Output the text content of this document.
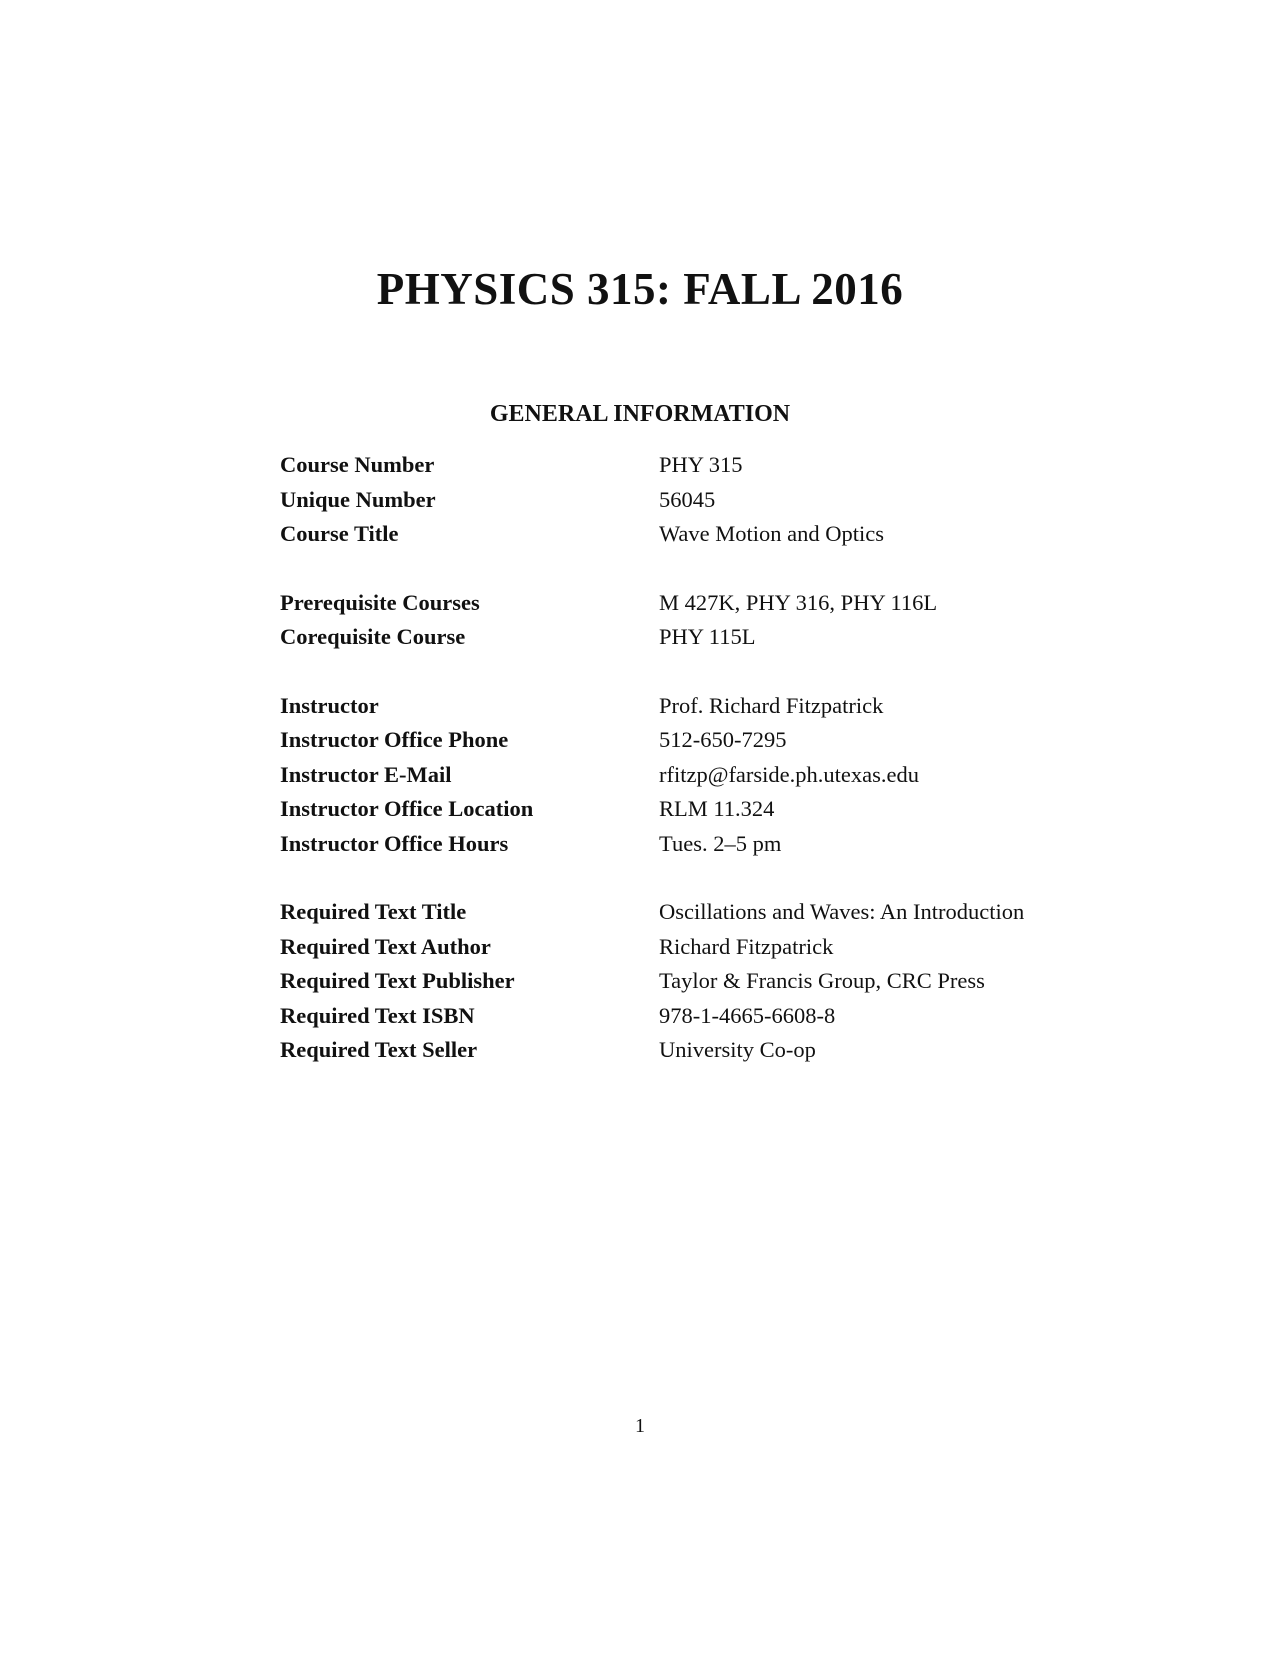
PHYSICS 315: FALL 2016
GENERAL INFORMATION
Course Number	PHY 315
Unique Number	56045
Course Title	Wave Motion and Optics
Prerequisite Courses	M 427K, PHY 316, PHY 116L
Corequisite Course	PHY 115L
Instructor	Prof. Richard Fitzpatrick
Instructor Office Phone	512-650-7295
Instructor E-Mail	rfitzp@farside.ph.utexas.edu
Instructor Office Location	RLM 11.324
Instructor Office Hours	Tues. 2–5 pm
Required Text Title	Oscillations and Waves: An Introduction
Required Text Author	Richard Fitzpatrick
Required Text Publisher	Taylor & Francis Group, CRC Press
Required Text ISBN	978-1-4665-6608-8
Required Text Seller	University Co-op
1
